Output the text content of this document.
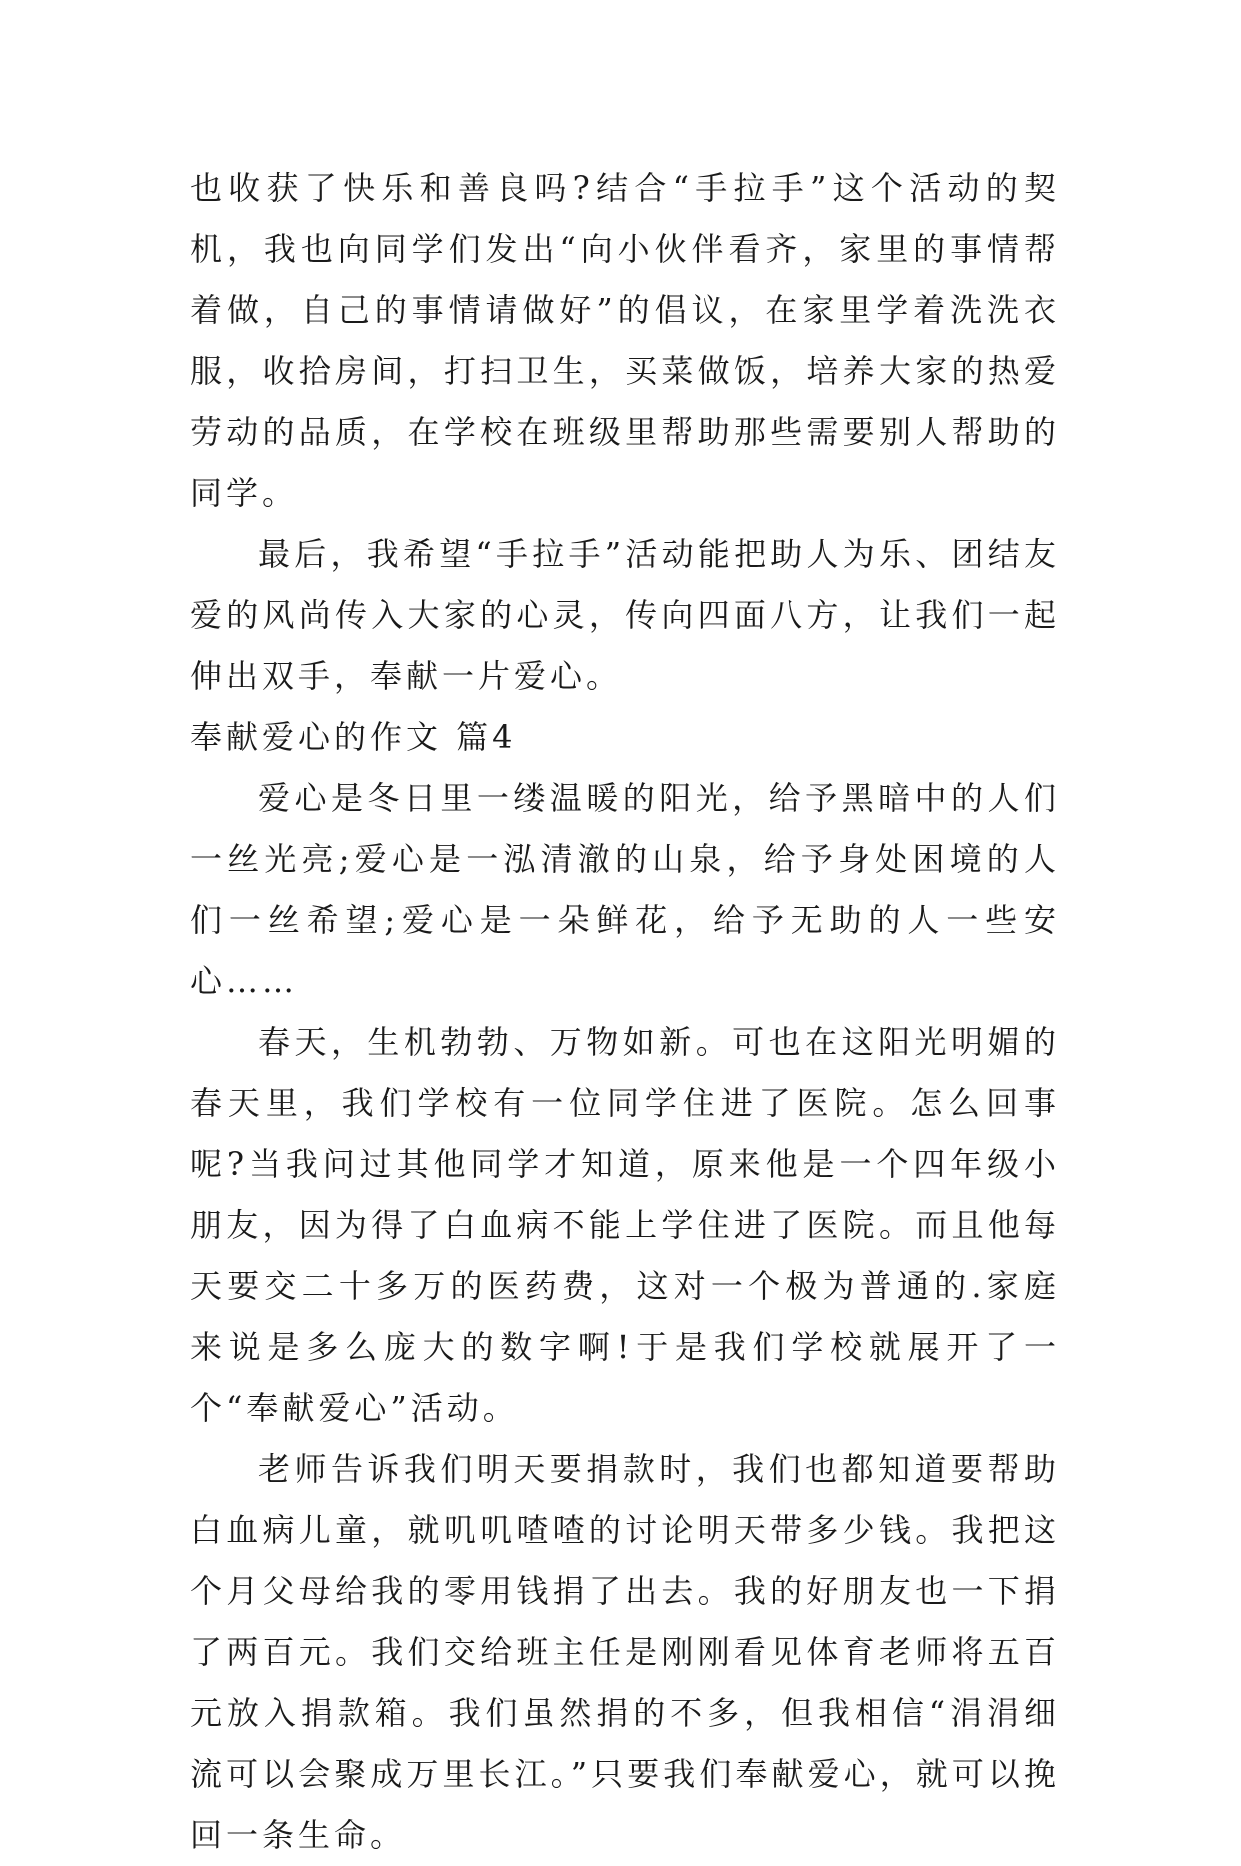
也收获了快乐和善良吗?结合“手拉手”这个活动的契机，我也向同学们发出“向小伙伴看齐，家里的事情帮着做，自己的事情请做好”的倡议，在家里学着洗洗衣服，收拾房间，打扫卫生，买菜做饭，培养大家的热爱劳动的品质，在学校在班级里帮助那些需要别人帮助的同学。

最后，我希望“手拉手”活动能把助人为乐、团结友爱的风尚传入大家的心灵，传向四面八方，让我们一起伸出双手，奉献一片爱心。

奉献爱心的作文 篇4

爱心是冬日里一缕温暖的阳光，给予黑暗中的人们一丝光亮;爱心是一泓清澈的山泉，给予身处困境的人们一丝希望;爱心是一朵鲜花，给予无助的人一些安心……

春天，生机勃勃、万物如新。可也在这阳光明媚的春天里，我们学校有一位同学住进了医院。怎么回事呢?当我问过其他同学才知道，原来他是一个四年级小朋友，因为得了白血病不能上学住进了医院。而且他每天要交二十多万的医药费，这对一个极为普通的.家庭来说是多么庞大的数字啊!于是我们学校就展开了一个“奉献爱心”活动。

老师告诉我们明天要捐款时，我们也都知道要帮助白血病儿童，就叽叽喳喳的讨论明天带多少钱。我把这个月父母给我的零用钱捐了出去。我的好朋友也一下捐了两百元。我们交给班主任是刚刚看见体育老师将五百元放入捐款箱。我们虽然捐的不多，但我相信“涓涓细流可以会聚成万里长江。”只要我们奉献爱心，就可以挽回一条生命。
